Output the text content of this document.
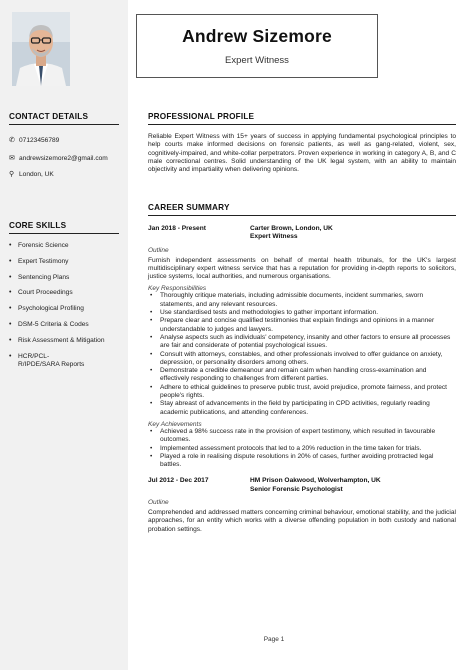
CONTACT DETAILS
✆ 07123456789
✉ andrewsizemore2@gmail.com
⚲ London, UK
CORE SKILLS
• Forensic Science
• Expert Testimony
• Sentencing Plans
• Court Proceedings
• Psychological Profiling
• DSM-5 Criteria & Codes
• Risk Assessment & Mitigation
• HCR/PCL-R/IPDE/SARA Reports
Andrew Sizemore
Expert Witness
PROFESSIONAL PROFILE

Reliable Expert Witness with 15+ years of success in applying fundamental psychological principles to help courts make informed decisions on forensic patients, as well as gang-related, violent, sex, cognitively-impaired, and white-collar perpetrators. Proven experience in working in category A, B, and C male correctional centres. Solid understanding of the UK legal system, with an ability to maintain objectivity and impartiality when delivering opinions.

CAREER SUMMARY
Jan 2018 - Present	Carter Brown, London, UK
Expert Witness
Outline

Furnish independent assessments on behalf of mental health tribunals, for the UK's largest multidisciplinary expert witness service that has a reputation for providing in-depth reports to solicitors, justice systems, local authorities, and numerous organisations.

Key Responsibilities
•	Thoroughly critique materials, including admissible documents, incident summaries, sworn statements, and any relevant resources.
•	Use standardised tests and methodologies to gather important information.
•	Prepare clear and concise qualified testimonies that explain findings and opinions in a manner understandable to judges and lawyers.
•	Analyse aspects such as individuals' competency, insanity and other factors to ensure all processes are fair and considerate of potential psychological issues.
•	Consult with attorneys, constables, and other professionals involved to offer guidance on anxiety, depression, or personality disorders among others.
•	Demonstrate a credible demeanour and remain calm when handling cross-examination and effectively responding to challenges from different parties.
•	Adhere to ethical guidelines to preserve public trust, avoid prejudice, promote fairness, and protect people's rights.
•	Stay abreast of advancements in the field by participating in CPD activities, regularly reading academic publications, and attending conferences.
Key Achievements
•	Achieved a 98% success rate in the provision of expert testimony, which resulted in favourable outcomes.
•	Implemented assessment protocols that led to a 20% reduction in the time taken for trials.
•	Played a role in realising dispute resolutions in 20% of cases, further avoiding protracted legal battles.
Jul 2012 - Dec 2017	HM Prison Oakwood, Wolverhampton, UK
Senior Forensic Psychologist
Outline

Comprehended and addressed matters concerning criminal behaviour, emotional stability, and the judicial approaches, for an entity which works with a diverse offending population in both custody and national probation settings.

Page 1
